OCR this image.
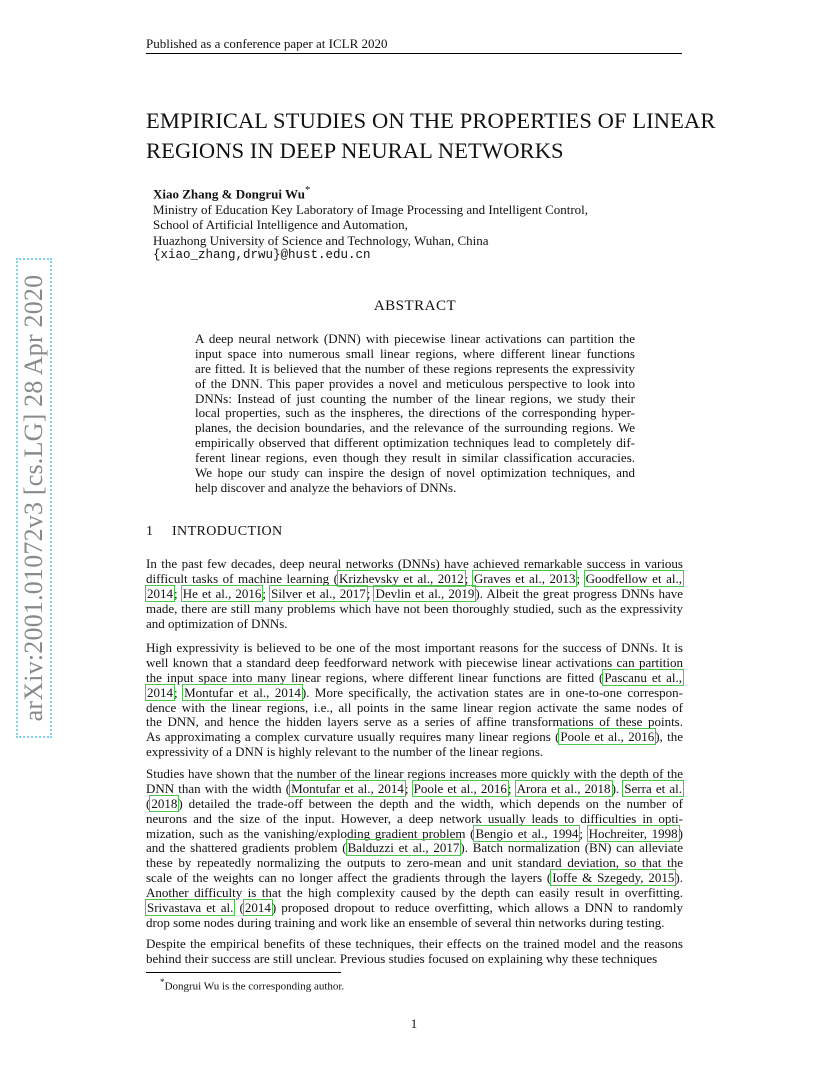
arXiv:2001.01072v3 [cs.LG] 28 Apr 2020
Published as a conference paper at ICLR 2020
EMPIRICAL STUDIES ON THE PROPERTIES OF LINEAR
REGIONS IN DEEP NEURAL NETWORKS
Xiao Zhang & Dongrui Wu*
Ministry of Education Key Laboratory of Image Processing and Intelligent Control,
School of Artificial Intelligence and Automation,
Huazhong University of Science and Technology, Wuhan, China
{xiao_zhang,drwu}@hust.edu.cn
ABSTRACT
A deep neural network (DNN) with piecewise linear activations can partition the
input space into numerous small linear regions, where different linear functions
are fitted. It is believed that the number of these regions represents the expressivity
of the DNN. This paper provides a novel and meticulous perspective to look into
DNNs: Instead of just counting the number of the linear regions, we study their
local properties, such as the inspheres, the directions of the corresponding hyper-
planes, the decision boundaries, and the relevance of the surrounding regions. We
empirically observed that different optimization techniques lead to completely dif-
ferent linear regions, even though they result in similar classification accuracies.
We hope our study can inspire the design of novel optimization techniques, and
help discover and analyze the behaviors of DNNs.
1 INTRODUCTION
In the past few decades, deep neural networks (DNNs) have achieved remarkable success in various
difficult tasks of machine learning (Krizhevsky et al., 2012; Graves et al., 2013; Goodfellow et al.,
2014; He et al., 2016; Silver et al., 2017; Devlin et al., 2019). Albeit the great progress DNNs have
made, there are still many problems which have not been thoroughly studied, such as the expressivity
and optimization of DNNs.
High expressivity is believed to be one of the most important reasons for the success of DNNs. It is
well known that a standard deep feedforward network with piecewise linear activations can partition
the input space into many linear regions, where different linear functions are fitted (Pascanu et al.,
2014; Montufar et al., 2014). More specifically, the activation states are in one-to-one correspon-
dence with the linear regions, i.e., all points in the same linear region activate the same nodes of
the DNN, and hence the hidden layers serve as a series of affine transformations of these points.
As approximating a complex curvature usually requires many linear regions (Poole et al., 2016), the
expressivity of a DNN is highly relevant to the number of the linear regions.
Studies have shown that the number of the linear regions increases more quickly with the depth of the
DNN than with the width (Montufar et al., 2014; Poole et al., 2016; Arora et al., 2018). Serra et al.
(2018) detailed the trade-off between the depth and the width, which depends on the number of
neurons and the size of the input. However, a deep network usually leads to difficulties in opti-
mization, such as the vanishing/exploding gradient problem (Bengio et al., 1994; Hochreiter, 1998)
and the shattered gradients problem (Balduzzi et al., 2017). Batch normalization (BN) can alleviate
these by repeatedly normalizing the outputs to zero-mean and unit standard deviation, so that the
scale of the weights can no longer affect the gradients through the layers (Ioffe & Szegedy, 2015).
Another difficulty is that the high complexity caused by the depth can easily result in overfitting.
Srivastava et al. (2014) proposed dropout to reduce overfitting, which allows a DNN to randomly
drop some nodes during training and work like an ensemble of several thin networks during testing.
Despite the empirical benefits of these techniques, their effects on the trained model and the reasons
behind their success are still unclear. Previous studies focused on explaining why these techniques
*Dongrui Wu is the corresponding author.
1
